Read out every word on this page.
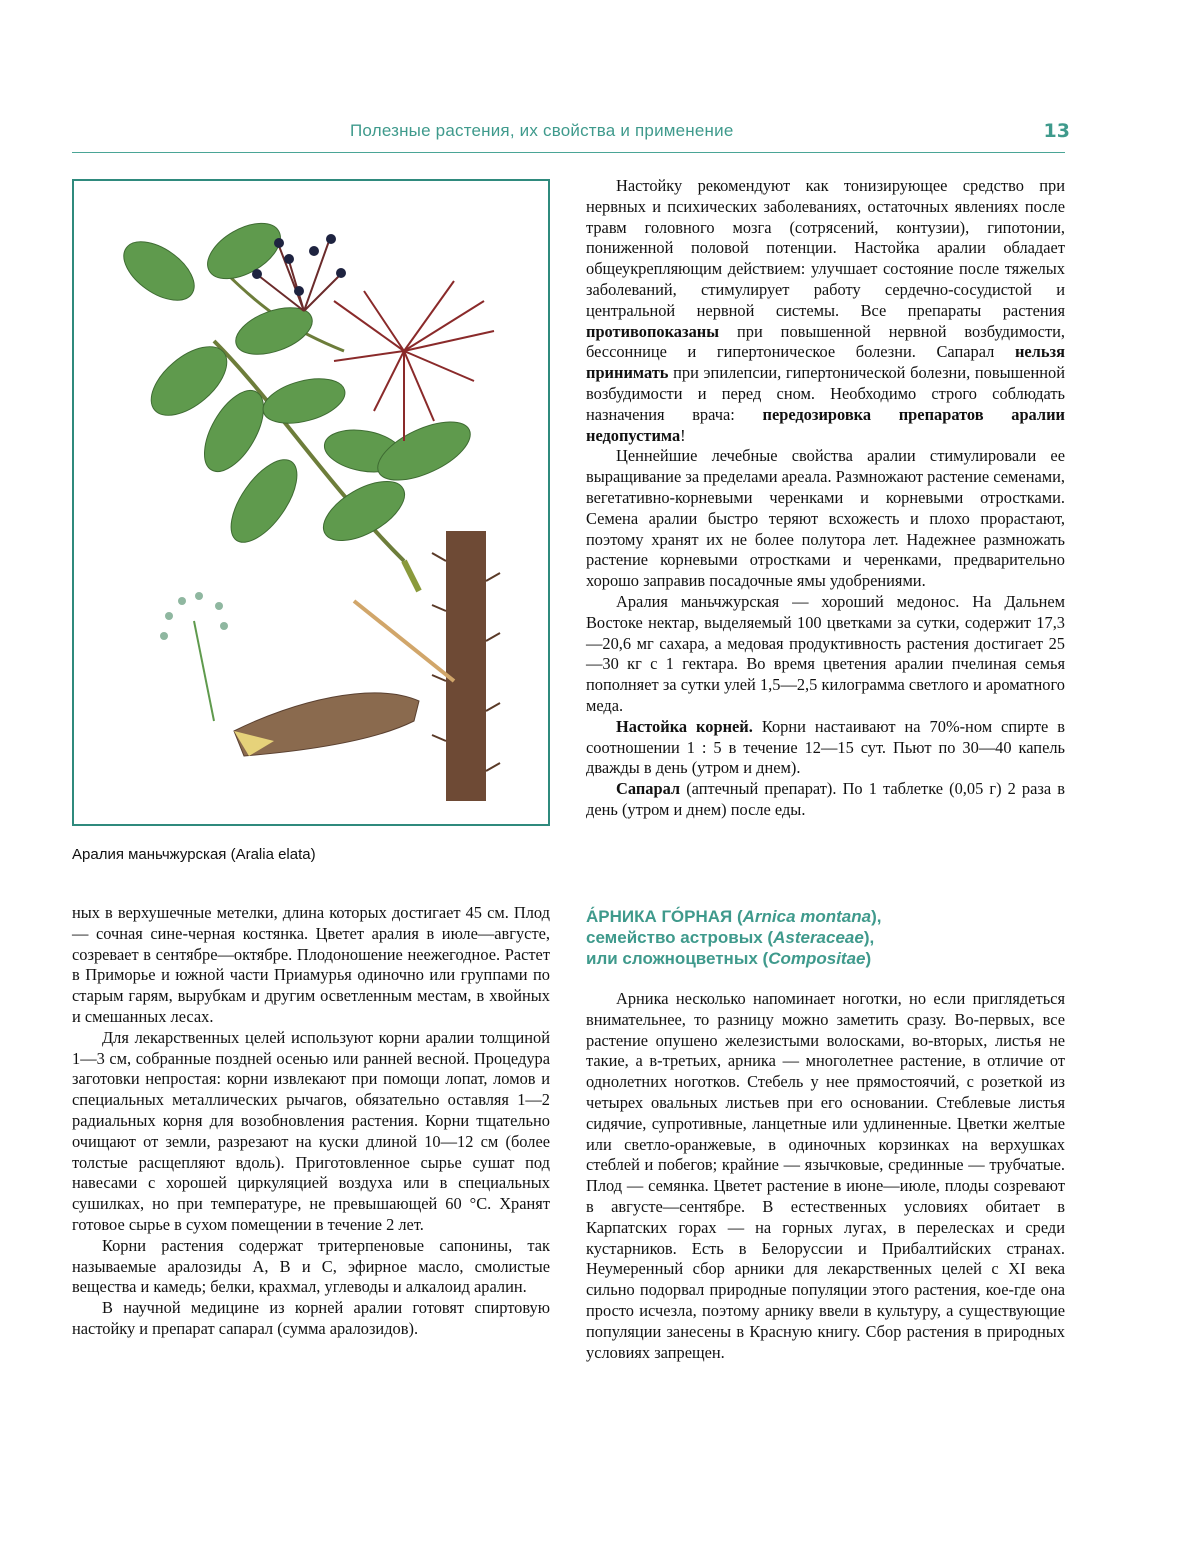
Полезные растения, их свойства и применение	13
Аралия маньчжурская (Aralia elata)

ных в верхушечные метелки, длина которых достигает 45 см. Плод — сочная сине-черная костянка. Цветет аралия в июле—августе, созревает в сентябре—октябре. Плодоношение неежегодное. Растет в Приморье и южной части Приамурья одиночно или группами по старым гарям, вырубкам и другим осветленным местам, в хвойных и смешанных лесах.

Для лекарственных целей используют корни аралии толщиной 1—3 см, собранные поздней осенью или ранней весной. Процедура заготовки непростая: корни извлекают при помощи лопат, ломов и специальных металлических рычагов, обязательно оставляя 1—2 радиальных корня для возобновления растения. Корни тщательно очищают от земли, разрезают на куски длиной 10—12 см (более толстые расщепляют вдоль). Приготовленное сырье сушат под навесами с хорошей циркуляцией воздуха или в специальных сушилках, но при температуре, не превышающей 60 °С. Хранят готовое сырье в сухом помещении в течение 2 лет.

Корни растения содержат тритерпеновые сапонины, так называемые аралозиды А, В и С, эфирное масло, смолистые вещества и камедь; белки, крахмал, углеводы и алкалоид аралин.

В научной медицине из корней аралии готовят спиртовую настойку и препарат сапарал (сумма аралозидов).

Настойку рекомендуют как тонизирующее средство при нервных и психических заболеваниях, остаточных явлениях после травм головного мозга (сотрясений, контузии), гипотонии, пониженной половой потенции. Настойка аралии обладает общеукрепляющим действием: улучшает состояние после тяжелых заболеваний, стимулирует работу сердечно-сосудистой и центральной нервной системы. Все препараты растения противопоказаны при повышенной нервной возбудимости, бессоннице и гипертоническое болезни. Сапарал нельзя принимать при эпилепсии, гипертонической болезни, повышенной возбудимости и перед сном. Необходимо строго соблюдать назначения врача: передозировка препаратов аралии недопустима!

Ценнейшие лечебные свойства аралии стимулировали ее выращивание за пределами ареала. Размножают растение семенами, вегетативно-корневыми черенками и корневыми отростками. Семена аралии быстро теряют всхожесть и плохо прорастают, поэтому хранят их не более полутора лет. Надежнее размножать растение корневыми отростками и черенками, предварительно хорошо заправив посадочные ямы удобрениями.

Аралия маньчжурская — хороший медонос. На Дальнем Востоке нектар, выделяемый 100 цветками за сутки, содержит 17,3—20,6 мг сахара, а медовая продуктивность растения достигает 25—30 кг с 1 гектара. Во время цветения аралии пчелиная семья пополняет за сутки улей 1,5—2,5 килограмма светлого и ароматного меда.

Настойка корней. Корни настаивают на 70%-ном спирте в соотношении 1 : 5 в течение 12—15 сут. Пьют по 30—40 капель дважды в день (утром и днем).

Сапарал (аптечный препарат). По 1 таблетке (0,05 г) 2 раза в день (утром и днем) после еды.

А́РНИКА ГО́РНАЯ (Arnica montana),
семейство астровых (Asteraceae),
или сложноцветных (Compositae)

Арника несколько напоминает ноготки, но если приглядеться внимательнее, то разницу можно заметить сразу. Во-первых, все растение опушено железистыми волосками, во-вторых, листья не такие, а в-третьих, арника — многолетнее растение, в отличие от однолетних ноготков. Стебель у нее прямостоячий, с розеткой из четырех овальных листьев при его основании. Стеблевые листья сидячие, супротивные, ланцетные или удлиненные. Цветки желтые или светло-оранжевые, в одиночных корзинках на верхушках стеблей и побегов; крайние — язычковые, срединные — трубчатые. Плод — семянка. Цветет растение в июне—июле, плоды созревают в августе—сентябре. В естественных условиях обитает в Карпатских горах — на горных лугах, в перелесках и среди кустарников. Есть в Белоруссии и Прибалтийских странах. Неумеренный сбор арники для лекарственных целей с XI века сильно подорвал природные популяции этого растения, кое-где она просто исчезла, поэтому арнику ввели в культуру, а существующие популяции занесены в Красную книгу. Сбор растения в природных условиях запрещен.
